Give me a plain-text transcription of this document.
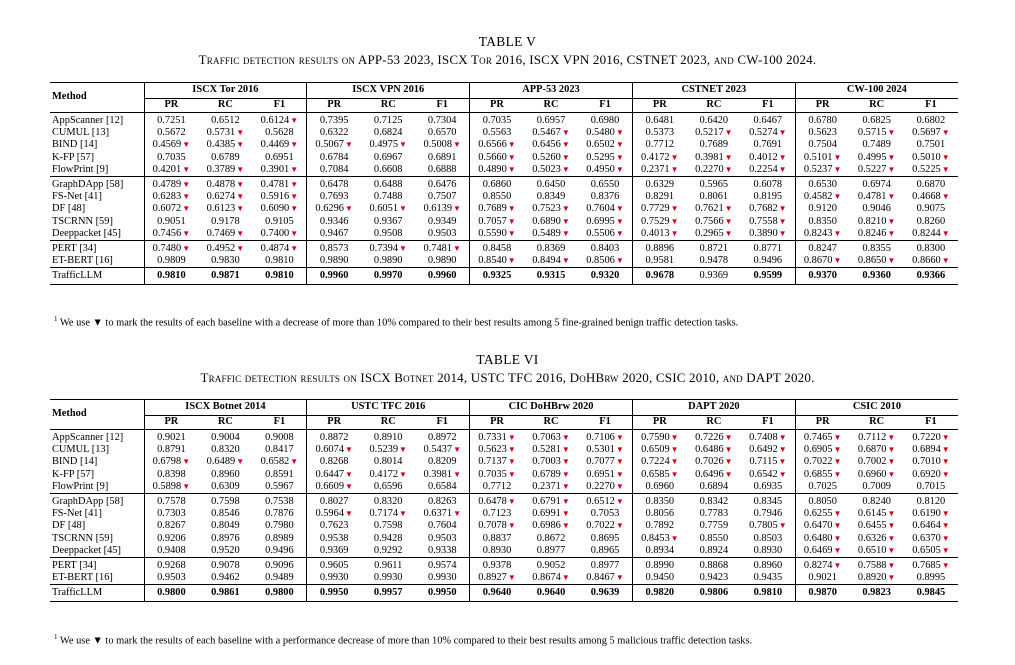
TABLE V
Traffic detection results on APP-53 2023, ISCX Tor 2016, ISCX VPN 2016, CSTNET 2023, and CW-100 2024.
Method	ISCX Tor 2016			ISCX VPN 2016			APP-53 2023			CSTNET 2023			CW-100 2024		
	PR	RC	F1	PR	RC	F1	PR	RC	F1	PR	RC	F1	PR	RC	F1
AppScanner [12]	0.7251	0.6512	0.6124▼	0.7395	0.7125	0.7304	0.7035	0.6957	0.6980	0.6481	0.6420	0.6467	0.6780	0.6825	0.6802
CUMUL [13]	0.5672	0.5731▼	0.5628	0.6322	0.6824	0.6570	0.5563	0.5467▼	0.5480▼	0.5373	0.5217▼	0.5274▼	0.5623	0.5715▼	0.5697▼
BIND [14]	0.4569▼	0.4385▼	0.4469▼	0.5067▼	0.4975▼	0.5008▼	0.6566▼	0.6456▼	0.6502▼	0.7712	0.7689	0.7691	0.7504	0.7489	0.7501
K-FP [57]	0.7035	0.6789	0.6951	0.6784	0.6967	0.6891	0.5660▼	0.5260▼	0.5295▼	0.4172▼	0.3981▼	0.4012▼	0.5101▼	0.4995▼	0.5010▼
FlowPrint [9]	0.4201▼	0.3789▼	0.3901▼	0.7084	0.6608	0.6888	0.4890▼	0.5023▼	0.4950▼	0.2371▼	0.2270▼	0.2254▼	0.5237▼	0.5227▼	0.5225▼
GraphDApp [58]	0.4789▼	0.4878▼	0.4781▼	0.6478	0.6488	0.6476	0.6860	0.6450	0.6550	0.6329	0.5965	0.6078	0.6530	0.6974	0.6870
FS-Net [41]	0.6283▼	0.6274▼	0.5916▼	0.7693	0.7488	0.7507	0.8550	0.8349	0.8376	0.8291	0.8061	0.8195	0.4582▼	0.4781▼	0.4668▼
DF [48]	0.6072▼	0.6123▼	0.6090▼	0.6296▼	0.6051▼	0.6139▼	0.7689▼	0.7523▼	0.7604▼	0.7729▼	0.7621▼	0.7682▼	0.9120	0.9046	0.9075
TSCRNN [59]	0.9051	0.9178	0.9105	0.9346	0.9367	0.9349	0.7057▼	0.6890▼	0.6995▼	0.7529▼	0.7566▼	0.7558▼	0.8350	0.8210▼	0.8260
Deeppacket [45]	0.7456▼	0.7469▼	0.7400▼	0.9467	0.9508	0.9503	0.5590▼	0.5489▼	0.5506▼	0.4013▼	0.2965▼	0.3890▼	0.8243▼	0.8246▼	0.8244▼
PERT [34]	0.7480▼	0.4952▼	0.4874▼	0.8573	0.7394▼	0.7481▼	0.8458	0.8369	0.8403	0.8896	0.8721	0.8771	0.8247	0.8355	0.8300
ET-BERT [16]	0.9809	0.9830	0.9810	0.9890	0.9890	0.9890	0.8540▼	0.8494▼	0.8506▼	0.9581	0.9478	0.9496	0.8670▼	0.8650▼	0.8660▼
TrafficLLM	0.9810	0.9871	0.9810	0.9960	0.9970	0.9960	0.9325	0.9315	0.9320	0.9678	0.9369	0.9599	0.9370	0.9360	0.9366
$^1$ We use ▼ to mark the results of each baseline with a decrease of more than 10% compared to their best results among 5 fine-grained benign traffic detection tasks.
TABLE VI
Traffic detection results on ISCX Botnet 2014, USTC TFC 2016, DoHBrw 2020, CSIC 2010, and DAPT 2020.
Method	ISCX Botnet 2014			USTC TFC 2016			CIC DoHBrw 2020			DAPT 2020			CSIC 2010		
	PR	RC	F1	PR	RC	F1	PR	RC	F1	PR	RC	F1	PR	RC	F1
AppScanner [12]	0.9021	0.9004	0.9008	0.8872	0.8910	0.8972	0.7331▼	0.7063▼	0.7106▼	0.7590▼	0.7226▼	0.7408▼	0.7465▼	0.7112▼	0.7220▼
CUMUL [13]	0.8791	0.8320	0.8417	0.6074▼	0.5239▼	0.5437▼	0.5623▼	0.5281▼	0.5301▼	0.6509▼	0.6486▼	0.6492▼	0.6905▼	0.6870▼	0.6894▼
BIND [14]	0.6798▼	0.6489▼	0.6582▼	0.8268	0.8014	0.8209	0.7137▼	0.7003▼	0.7077▼	0.7224▼	0.7026▼	0.7115▼	0.7022▼	0.7002▼	0.7010▼
K-FP [57]	0.8398	0.8960	0.8591	0.6447▼	0.4172▼	0.3981▼	0.7035▼	0.6789▼	0.6951▼	0.6585▼	0.6496▼	0.6542▼	0.6855▼	0.6960▼	0.6920▼
FlowPrint [9]	0.5898▼	0.6309	0.5967	0.6609▼	0.6596	0.6584	0.7712	0.2371▼	0.2270▼	0.6960	0.6894	0.6935	0.7025	0.7009	0.7015
GraphDApp [58]	0.7578	0.7598	0.7538	0.8027	0.8320	0.8263	0.6478▼	0.6791▼	0.6512▼	0.8350	0.8342	0.8345	0.8050	0.8240	0.8120
FS-Net [41]	0.7303	0.8546	0.7876	0.5964▼	0.7174▼	0.6371▼	0.7123	0.6991▼	0.7053	0.8056	0.7783	0.7946	0.6255▼	0.6145▼	0.6190▼
DF [48]	0.8267	0.8049	0.7980	0.7623	0.7598	0.7604	0.7078▼	0.6986▼	0.7022▼	0.7892	0.7759	0.7805▼	0.6470▼	0.6455▼	0.6464▼
TSCRNN [59]	0.9206	0.8976	0.8989	0.9538	0.9428	0.9503	0.8837	0.8672	0.8695	0.8453▼	0.8550	0.8503	0.6480▼	0.6326▼	0.6370▼
Deeppacket [45]	0.9408	0.9520	0.9496	0.9369	0.9292	0.9338	0.8930	0.8977	0.8965	0.8934	0.8924	0.8930	0.6469▼	0.6510▼	0.6505▼
PERT [34]	0.9268	0.9078	0.9096	0.9605	0.9611	0.9574	0.9378	0.9052	0.8977	0.8990	0.8868	0.8960	0.8274▼	0.7588▼	0.7685▼
ET-BERT [16]	0.9503	0.9462	0.9489	0.9930	0.9930	0.9930	0.8927▼	0.8674▼	0.8467▼	0.9450	0.9423	0.9435	0.9021	0.8920▼	0.8995
TrafficLLM	0.9800	0.9861	0.9800	0.9950	0.9957	0.9950	0.9640	0.9640	0.9639	0.9820	0.9806	0.9810	0.9870	0.9823	0.9845
$^1$ We use ▼ to mark the results of each baseline with a performance decrease of more than 10% compared to their best results among 5 malicious traffic detection tasks.
